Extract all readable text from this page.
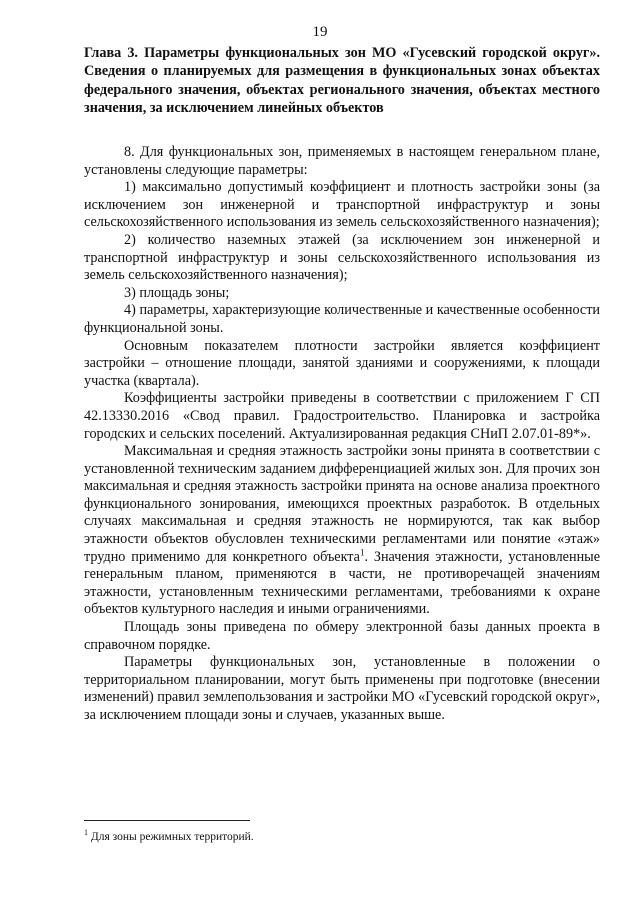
19
Глава 3. Параметры функциональных зон МО «Гусевский городской округ». Сведения о планируемых для размещения в функциональных зонах объектах федерального значения, объектах регионального значения, объектах местного значения, за исключением линейных объектов

8. Для функциональных зон, применяемых в настоящем генеральном плане, установлены следующие параметры:

1) максимально допустимый коэффициент и плотность застройки зоны (за исключением зон инженерной и транспортной инфраструктур и зоны сельскохозяйственного использования из земель сельскохозяйственного назначения);

2) количество наземных этажей (за исключением зон инженерной и транспортной инфраструктур и зоны сельскохозяйственного использования из земель сельскохозяйственного назначения);

3) площадь зоны;

4) параметры, характеризующие количественные и качественные особенности функциональной зоны.

Основным показателем плотности застройки является коэффициент застройки – отношение площади, занятой зданиями и сооружениями, к площади участка (квартала).

Коэффициенты застройки приведены в соответствии с приложением Г СП 42.13330.2016 «Свод правил. Градостроительство. Планировка и застройка городских и сельских поселений. Актуализированная редакция СНиП 2.07.01-89*».

Максимальная и средняя этажность застройки зоны принята в соответствии с установленной техническим заданием дифференциацией жилых зон. Для прочих зон максимальная и средняя этажность застройки принята на основе анализа проектного функционального зонирования, имеющихся проектных разработок. В отдельных случаях максимальная и средняя этажность не нормируются, так как выбор этажности объектов обусловлен техническими регламентами или понятие «этаж» трудно применимо для конкретного объекта$^1$. Значения этажности, установленные генеральным планом, применяются в части, не противоречащей значениям этажности, установленным техническими регламентами, требованиями к охране объектов культурного наследия и иными ограничениями.

Площадь зоны приведена по обмеру электронной базы данных проекта в справочном порядке.

Параметры функциональных зон, установленные в положении о территориальном планировании, могут быть применены при подготовке (внесении изменений) правил землепользования и застройки МО «Гусевский городской округ», за исключением площади зоны и случаев, указанных выше.

$^1$ Для зоны режимных территорий.
